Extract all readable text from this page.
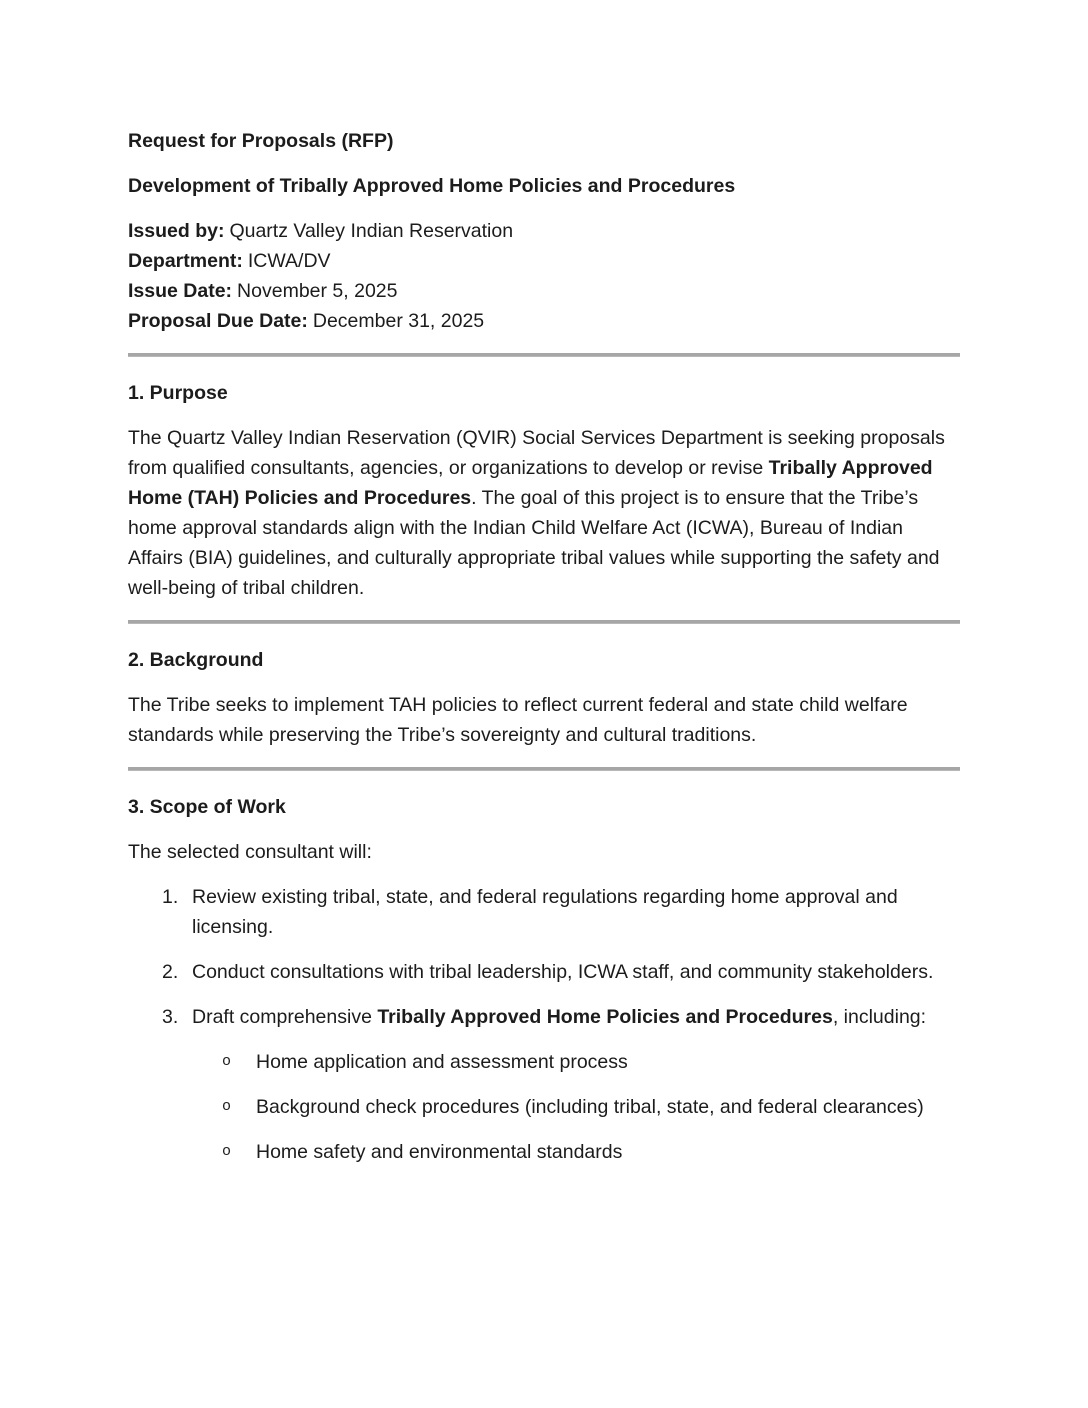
Request for Proposals (RFP)

Development of Tribally Approved Home Policies and Procedures

Issued by: Quartz Valley Indian Reservation
Department: ICWA/DV
Issue Date: November 5, 2025
Proposal Due Date: December 31, 2025

1. Purpose

The Quartz Valley Indian Reservation (QVIR) Social Services Department is seeking proposals from qualified consultants, agencies, or organizations to develop or revise Tribally Approved Home (TAH) Policies and Procedures. The goal of this project is to ensure that the Tribe’s home approval standards align with the Indian Child Welfare Act (ICWA), Bureau of Indian Affairs (BIA) guidelines, and culturally appropriate tribal values while supporting the safety and well-being of tribal children.

2. Background

The Tribe seeks to implement TAH policies to reflect current federal and state child welfare standards while preserving the Tribe’s sovereignty and cultural traditions.

3. Scope of Work

The selected consultant will:

1. Review existing tribal, state, and federal regulations regarding home approval and licensing.
2. Conduct consultations with tribal leadership, ICWA staff, and community stakeholders.
3. Draft comprehensive Tribally Approved Home Policies and Procedures, including:
o	Home application and assessment process
o	Background check procedures (including tribal, state, and federal clearances)
o	Home safety and environmental standards
